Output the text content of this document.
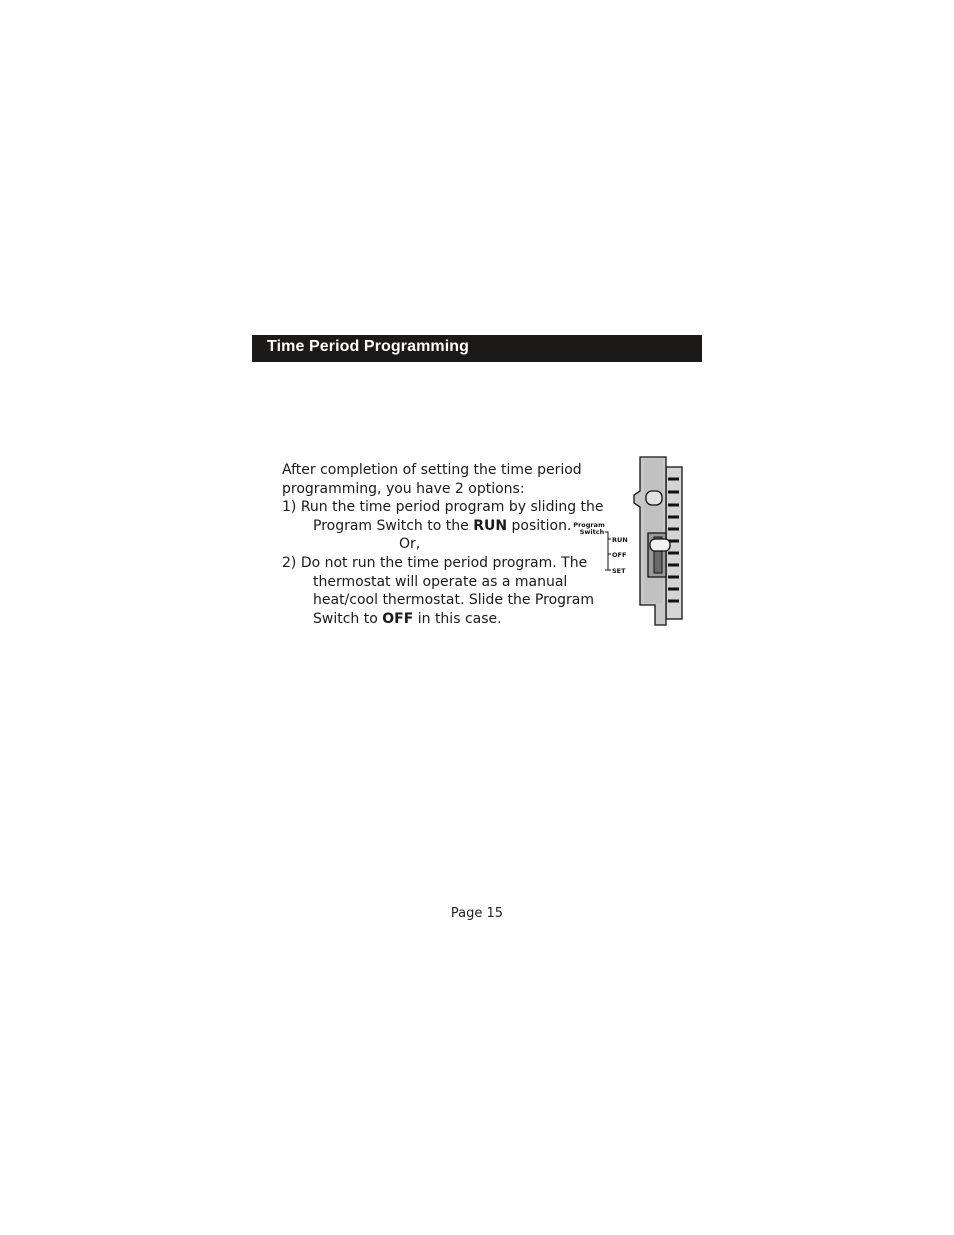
Time Period Programming

After completion of setting the time period

programming, you have 2 options:

1) Run the time period program by sliding the

Program Switch to the RUN position.

Or,

2) Do not run the time period program. The

thermostat will operate as a manual

heat/cool thermostat. Slide the Program

Switch to OFF in this case.

Program
Switch
RUN
OFF
SET
Page 15
